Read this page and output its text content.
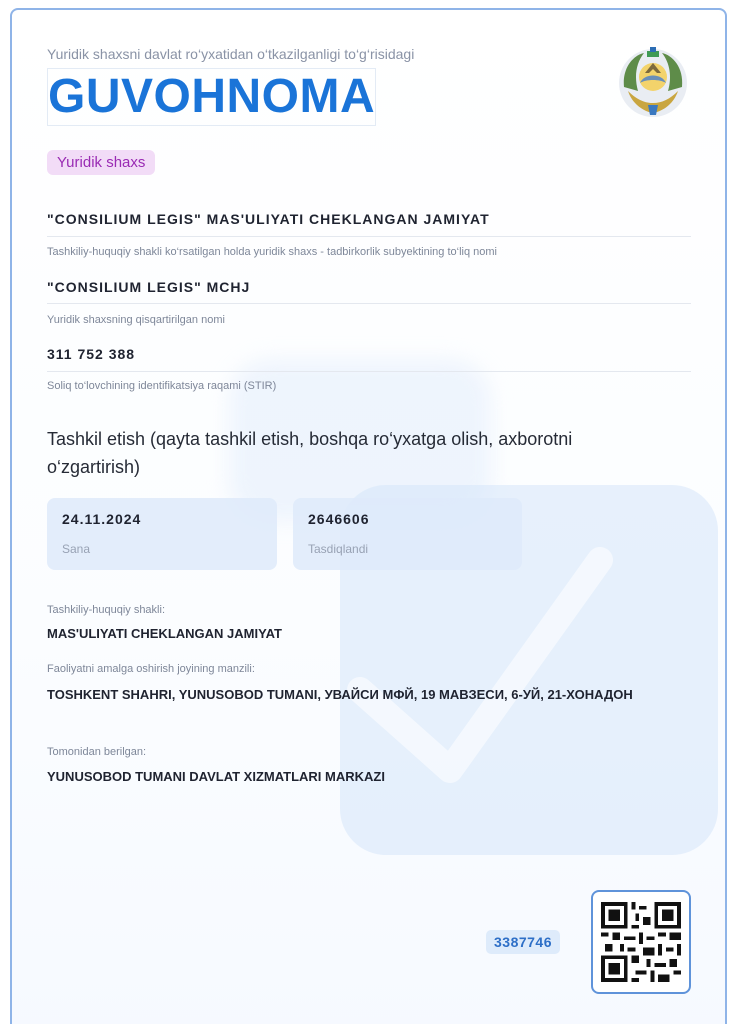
Yuridik shaxsni davlat ro‘yxatidan o‘tkazilganligi to‘g‘risidagi
GUVOHNOMA
Yuridik shaxs
"CONSILIUM LEGIS" MAS'ULIYATI CHEKLANGAN JAMIYAT
Tashkiliy-huquqiy shakli ko‘rsatilgan holda yuridik shaxs - tadbirkorlik subyektining to‘liq nomi
"CONSILIUM LEGIS" MCHJ
Yuridik shaxsning qisqartirilgan nomi
311 752 388
Soliq to‘lovchining identifikatsiya raqami (STIR)
Tashkil etish (qayta tashkil etish, boshqa ro‘yxatga olish, axborotni o‘zgartirish)
24.11.2024
Sana
2646606
Tasdiqlandi
Tashkiliy-huquqiy shakli:
MAS'ULIYATI CHEKLANGAN JAMIYAT
Faoliyatni amalga oshirish joyining manzili:
TOSHKENT SHAHRI, YUNUSOBOD TUMANI, УВАЙСИ МФЙ, 19 МАВЗЕСИ, 6-УЙ, 21-ХОНАДОН
Tomonidan berilgan:
YUNUSOBOD TUMANI DAVLAT XIZMATLARI MARKAZI
3387746
